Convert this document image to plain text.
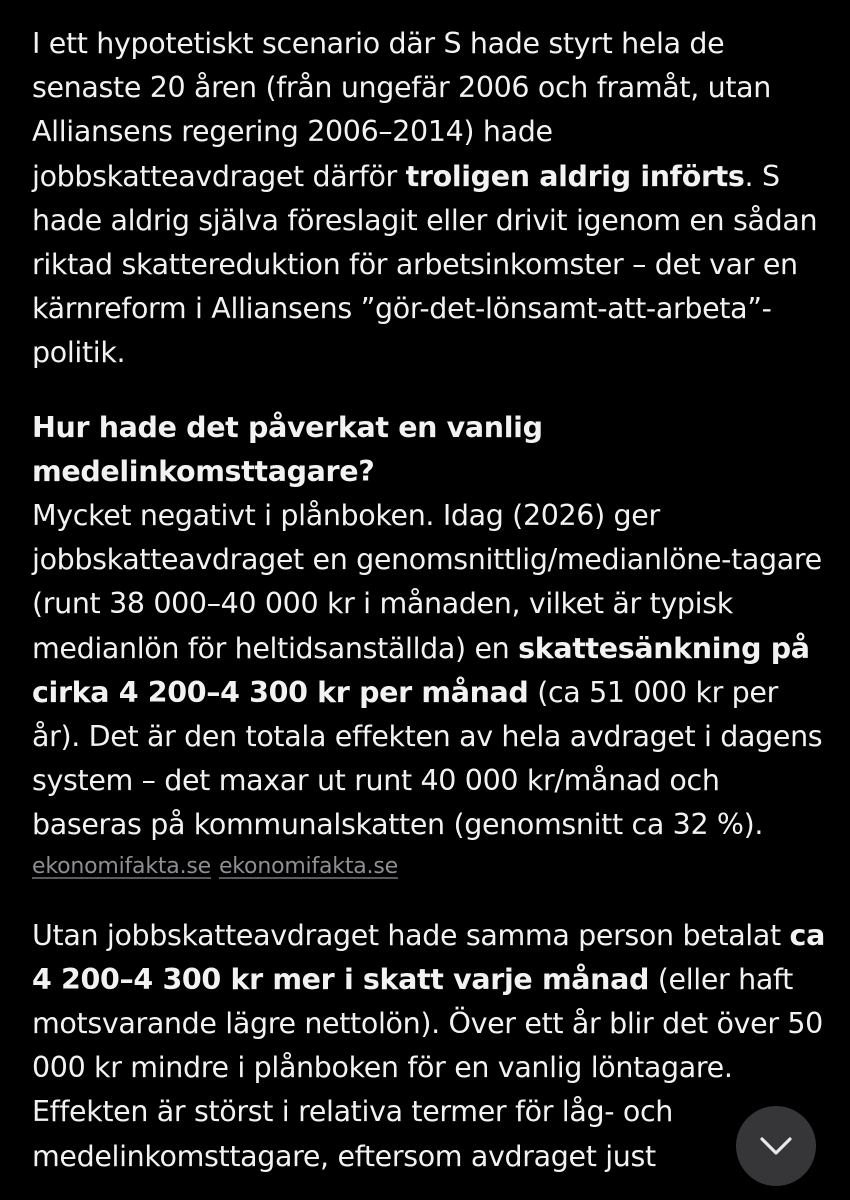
I ett hypotetiskt scenario där S hade styrt hela de senaste 20 åren (från ungefär 2006 och framåt, utan Alliansens regering 2006–2014) hade jobbskatteavdraget därför troligen aldrig införts. S hade aldrig själva föreslagit eller drivit igenom en sådan riktad skattereduktion för arbetsinkomster – det var en kärnreform i Alliansens ”gör-det-lönsamt-att-arbeta”-politik.

Hur hade det påverkat en vanlig medelinkomsttagare?

Mycket negativt i plånboken. Idag (2026) ger jobbskatteavdraget en genomsnittlig/medianlöne-tagare (runt 38 000–40 000 kr i månaden, vilket är typisk medianlön för heltidsanställda) en skattesänkning på cirka 4 200–4 300 kr per månad (ca 51 000 kr per år). Det är den totala effekten av hela avdraget i dagens system – det maxar ut runt 40 000 kr/månad och baseras på kommunalskatten (genomsnitt ca 32 %).

ekonomifakta.se ekonomifakta.se

Utan jobbskatteavdraget hade samma person betalat ca 4 200–4 300 kr mer i skatt varje månad (eller haft motsvarande lägre nettolön). Över ett år blir det över 50 000 kr mindre i plånboken för en vanlig löntagare. Effekten är störst i relativa termer för låg- och medelinkomsttagare, eftersom avdraget just
